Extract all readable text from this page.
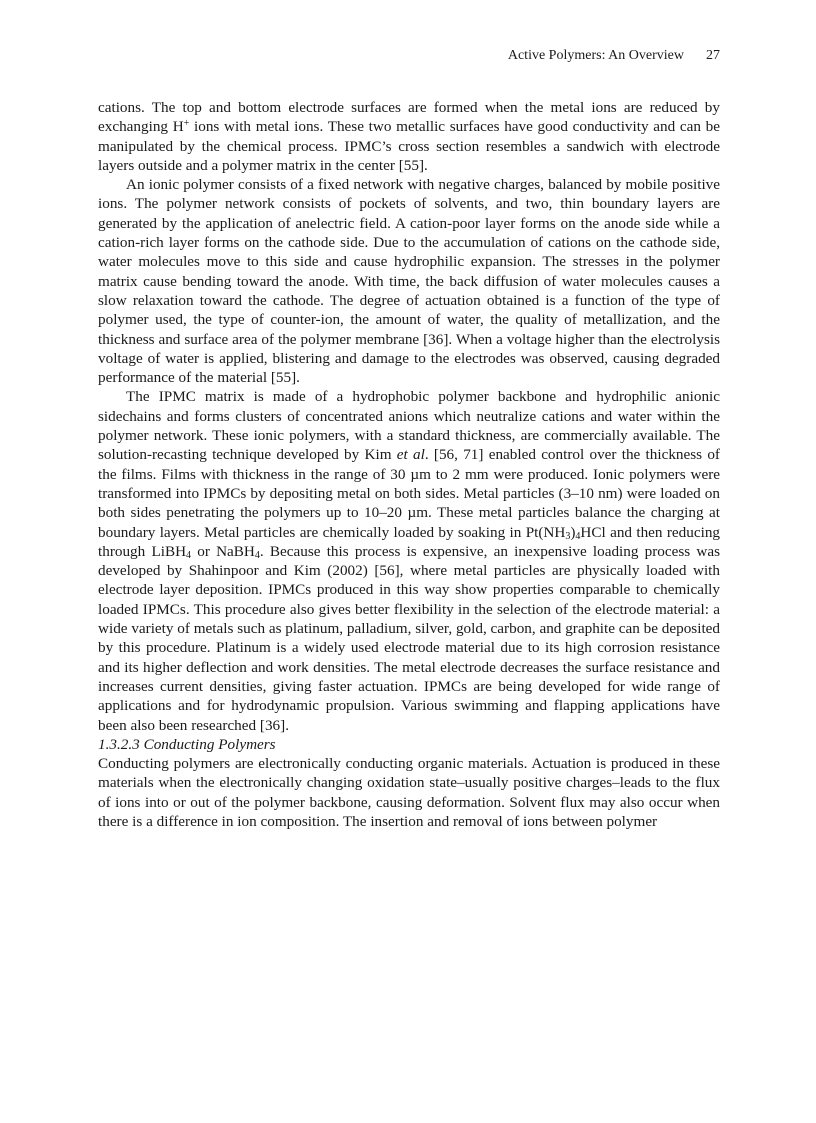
Active Polymers: An Overview 27

cations. The top and bottom electrode surfaces are formed when the metal ions are reduced by exchanging H+ ions with metal ions. These two metallic surfaces have good conductivity and can be manipulated by the chemical process. IPMC’s cross section resembles a sandwich with electrode layers outside and a polymer matrix in the center [55].

An ionic polymer consists of a fixed network with negative charges, balanced by mobile positive ions. The polymer network consists of pockets of solvents, and two, thin boundary layers are generated by the application of anelectric field. A cation-poor layer forms on the anode side while a cation-rich layer forms on the cathode side. Due to the accumulation of cations on the cathode side, water molecules move to this side and cause hydrophilic expansion. The stresses in the polymer matrix cause bending toward the anode. With time, the back diffusion of water molecules causes a slow relaxation toward the cathode. The degree of actuation obtained is a function of the type of polymer used, the type of counter-ion, the amount of water, the quality of metallization, and the thickness and surface area of the polymer membrane [36]. When a voltage higher than the electrolysis voltage of water is applied, blistering and damage to the electrodes was observed, causing degraded performance of the material [55].

The IPMC matrix is made of a hydrophobic polymer backbone and hydrophilic anionic sidechains and forms clusters of concentrated anions which neutralize cations and water within the polymer network. These ionic polymers, with a standard thickness, are commercially available. The solution-recasting technique developed by Kim et al. [56, 71] enabled control over the thickness of the films. Films with thickness in the range of 30 µm to 2 mm were produced. Ionic polymers were transformed into IPMCs by depositing metal on both sides. Metal particles (3–10 nm) were loaded on both sides penetrating the polymers up to 10–20 µm. These metal particles balance the charging at boundary layers. Metal particles are chemically loaded by soaking in $Pt(NH_3)_4HCl$ and then reducing through LiBH$_4$ or NaBH$_4$. Because this process is expensive, an inexpensive loading process was developed by Shahinpoor and Kim (2002) [56], where metal particles are physically loaded with electrode layer deposition. IPMCs produced in this way show properties comparable to chemically loaded IPMCs. This procedure also gives better flexibility in the selection of the electrode material: a wide variety of metals such as platinum, palladium, silver, gold, carbon, and graphite can be deposited by this procedure. Platinum is a widely used electrode material due to its high corrosion resistance and its higher deflection and work densities. The metal electrode decreases the surface resistance and increases current densities, giving faster actuation. IPMCs are being developed for wide range of applications and for hydrodynamic propulsion. Various swimming and flapping applications have been also been researched [36].

1.3.2.3 Conducting Polymers

Conducting polymers are electronically conducting organic materials. Actuation is produced in these materials when the electronically changing oxidation state–usually positive charges–leads to the flux of ions into or out of the polymer backbone, causing deformation. Solvent flux may also occur when there is a difference in ion composition. The insertion and removal of ions between polymer
